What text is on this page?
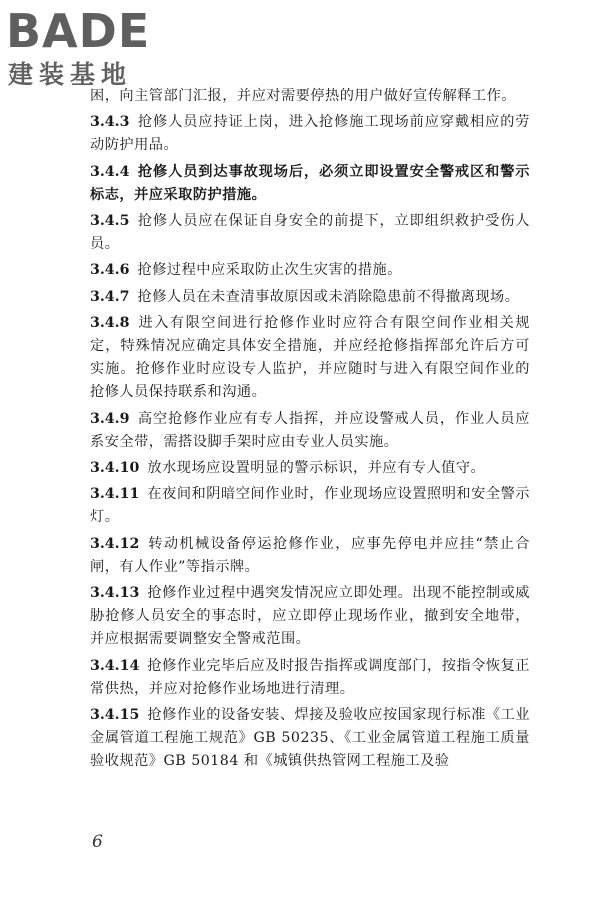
BADE
建装基地

困，向主管部门汇报，并应对需要停热的用户做好宣传解释工作。

3.4.3 抢修人员应持证上岗，进入抢修施工现场前应穿戴相应的劳动防护用品。

3.4.4 抢修人员到达事故现场后，必须立即设置安全警戒区和警示标志，并应采取防护措施。

3.4.5 抢修人员应在保证自身安全的前提下，立即组织救护受伤人员。

3.4.6 抢修过程中应采取防止次生灾害的措施。

3.4.7 抢修人员在未查清事故原因或未消除隐患前不得撤离现场。

3.4.8 进入有限空间进行抢修作业时应符合有限空间作业相关规定，特殊情况应确定具体安全措施，并应经抢修指挥部允许后方可实施。抢修作业时应设专人监护，并应随时与进入有限空间作业的抢修人员保持联系和沟通。

3.4.9 高空抢修作业应有专人指挥，并应设警戒人员，作业人员应系安全带，需搭设脚手架时应由专业人员实施。

3.4.10 放水现场应设置明显的警示标识，并应有专人值守。

3.4.11 在夜间和阴暗空间作业时，作业现场应设置照明和安全警示灯。

3.4.12 转动机械设备停运抢修作业，应事先停电并应挂“禁止合闸，有人作业”等指示牌。

3.4.13 抢修作业过程中遇突发情况应立即处理。出现不能控制或威胁抢修人员安全的事态时，应立即停止现场作业，撤到安全地带，并应根据需要调整安全警戒范围。

3.4.14 抢修作业完毕后应及时报告指挥或调度部门，按指令恢复正常供热，并应对抢修作业场地进行清理。

3.4.15 抢修作业的设备安装、焊接及验收应按国家现行标准《工业金属管道工程施工规范》GB 50235、《工业金属管道工程施工质量验收规范》GB 50184 和《城镇供热管网工程施工及验

6
